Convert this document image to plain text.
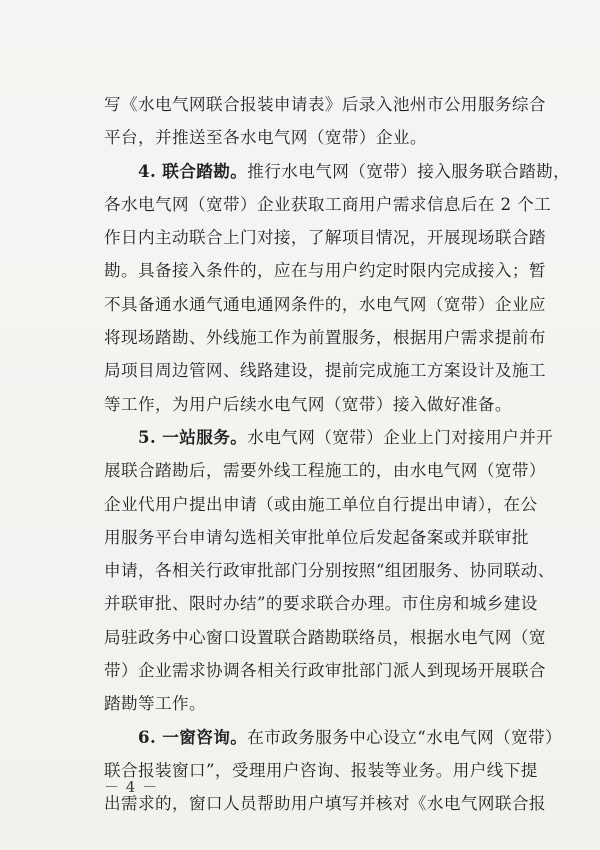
写《水电气网联合报装申请表》后录入池州市公用服务综合
平台，并推送至各水电气网（宽带）企业。
4. 联合踏勘。推行水电气网（宽带）接入服务联合踏勘，
各水电气网（宽带）企业获取工商用户需求信息后在 2 个工
作日内主动联合上门对接，了解项目情况，开展现场联合踏
勘。具备接入条件的，应在与用户约定时限内完成接入；暂
不具备通水通气通电通网条件的，水电气网（宽带）企业应
将现场踏勘、外线施工作为前置服务，根据用户需求提前布
局项目周边管网、线路建设，提前完成施工方案设计及施工
等工作，为用户后续水电气网（宽带）接入做好准备。
5. 一站服务。水电气网（宽带）企业上门对接用户并开
展联合踏勘后，需要外线工程施工的，由水电气网（宽带）
企业代用户提出申请（或由施工单位自行提出申请），在公
用服务平台申请勾选相关审批单位后发起备案或并联审批
申请，各相关行政审批部门分别按照“组团服务、协同联动、
并联审批、限时办结”的要求联合办理。市住房和城乡建设
局驻政务中心窗口设置联合踏勘联络员，根据水电气网（宽
带）企业需求协调各相关行政审批部门派人到现场开展联合
踏勘等工作。
6. 一窗咨询。在市政务服务中心设立“水电气网（宽带）
联合报装窗口”，受理用户咨询、报装等业务。用户线下提
出需求的，窗口人员帮助用户填写并核对《水电气网联合报
－ 4 －
